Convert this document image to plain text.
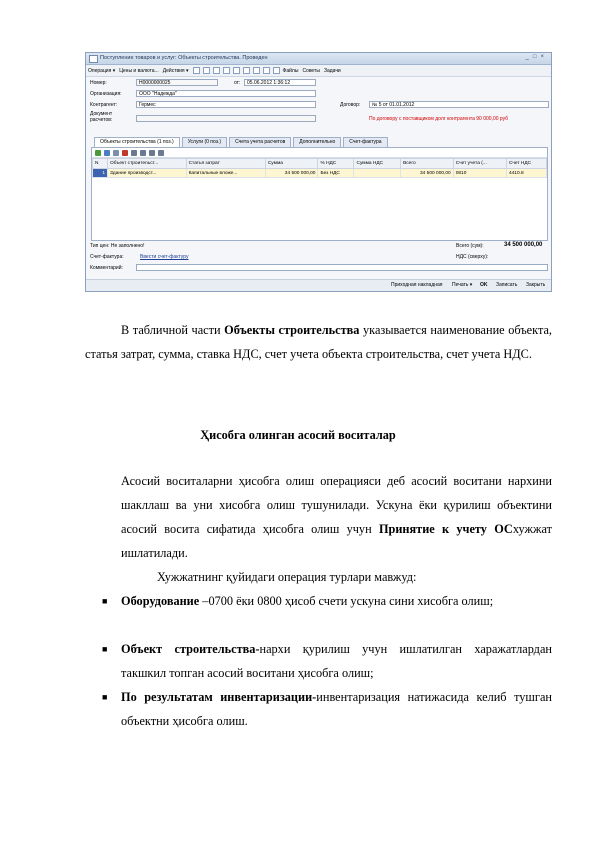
Поступление товаров и услуг: Объекты строительства. Проведен	_□×
Операция ▾ Цены и валюта... Действия ▾	Файлы Советы Задачи
Номер:	Н0000000025	от:	05.06.2012 1:36:12
Организация:	ООО "Надежда"
Контрагент:	Гермес	Договор:	№ 5 от 01.01.2012
Документ
расчетов:	По договору с поставщиком долг контрагента 90 000,00 руб
Объекты строительства (1 поз.)	Услуги (0 поз.)	Счета учета расчетов	Дополнительно	Счет-фактура
N	Объект строительст...	Статья затрат	Сумма	% НДС	Сумма НДС	Всего	Счет учета (...	Счет НДС
1	Здание производст...	Капитальные вложе...	34 500 000,00	Без НДС		34 500 000,00	0810	4410.8
Тип цен: Не заполнено!	Всего (сум):	34 500 000,00
Счет-фактура:	Ввести счет-фактуру	НДС (сверху):
Комментарий:
Приходная накладная Печать ▾ OK Записать Закрыть
В табличной части Объекты строительства указывается наименование объекта, статья затрат, сумма, ставка НДС, счет учета объекта строительства, счет учета НДС.
Ҳисобга олинган асосий воситалар
Асосий воситаларни ҳисобга олиш операцияси деб асосий воситани нархини шакллаш ва уни хисобга олиш тушунилади. Ускуна ёки қурилиш объектини асосий восита сифатида ҳисобга олиш учун Принятие к учету ОСхужжат ишлатилади.
Хужжатнинг қуйидаги операция турлари мавжуд:
■ Оборудование –0700 ёки 0800 ҳисоб счети ускуна сини хисобга олиш;
■ Объект строительства-нархи қурилиш учун ишлатилган харажатлардан такшкил топган асосий воситани ҳисобга олиш;
■ По результатам инвентаризации-инвентаризация натижасида келиб тушган объектни ҳисобга олиш.
